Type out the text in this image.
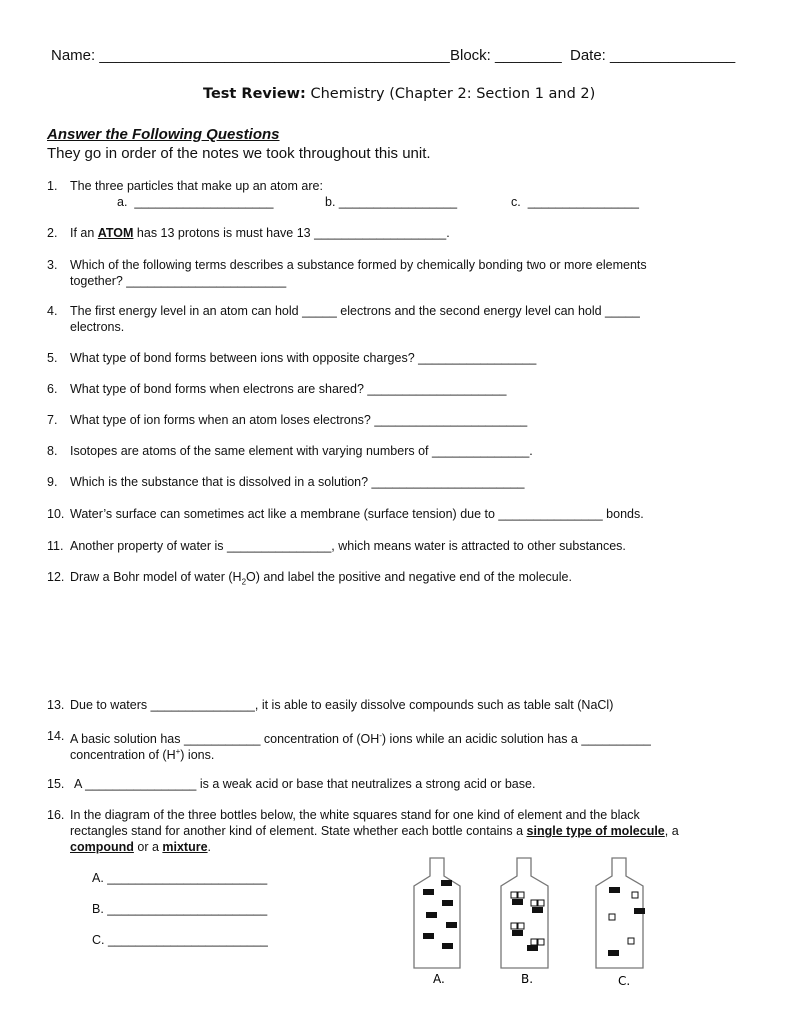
Name: __________________________________________ Block: ________ Date: _______________
Test Review: Chemistry (Chapter 2: Section 1 and 2)
Answer the Following Questions
They go in order of the notes we took throughout this unit.
1. The three particles that make up an atom are:
a. ____________________	b. _________________	c. ________________
2. If an ATOM has 13 protons is must have 13 ___________________.
3. Which of the following terms describes a substance formed by chemically bonding two or more elements
together? _______________________
4. The first energy level in an atom can hold _____ electrons and the second energy level can hold _____
electrons.
5. What type of bond forms between ions with opposite charges? _________________
6. What type of bond forms when electrons are shared? ____________________
7. What type of ion forms when an atom loses electrons? ______________________
8. Isotopes are atoms of the same element with varying numbers of ______________.
9. Which is the substance that is dissolved in a solution? ______________________
10. Water’s surface can sometimes act like a membrane (surface tension) due to _______________ bonds.
11. Another property of water is _______________, which means water is attracted to other substances.
12. Draw a Bohr model of water $(H_2O)$ and label the positive and negative end of the molecule.
13. Due to waters _______________, it is able to easily dissolve compounds such as table salt (NaCl)
14. A basic solution has ___________ concentration of (OH-) ions while an acidic solution has a __________
concentration of (H+) ions.
15. A ________________ is a weak acid or base that neutralizes a strong acid or base.
16. In the diagram of the three bottles below, the white squares stand for one kind of element and the black
rectangles stand for another kind of element. State whether each bottle contains a single type of molecule, a
compound or a mixture.
A. _______________________
B. _______________________
C. _______________________
A.	B.	C.
